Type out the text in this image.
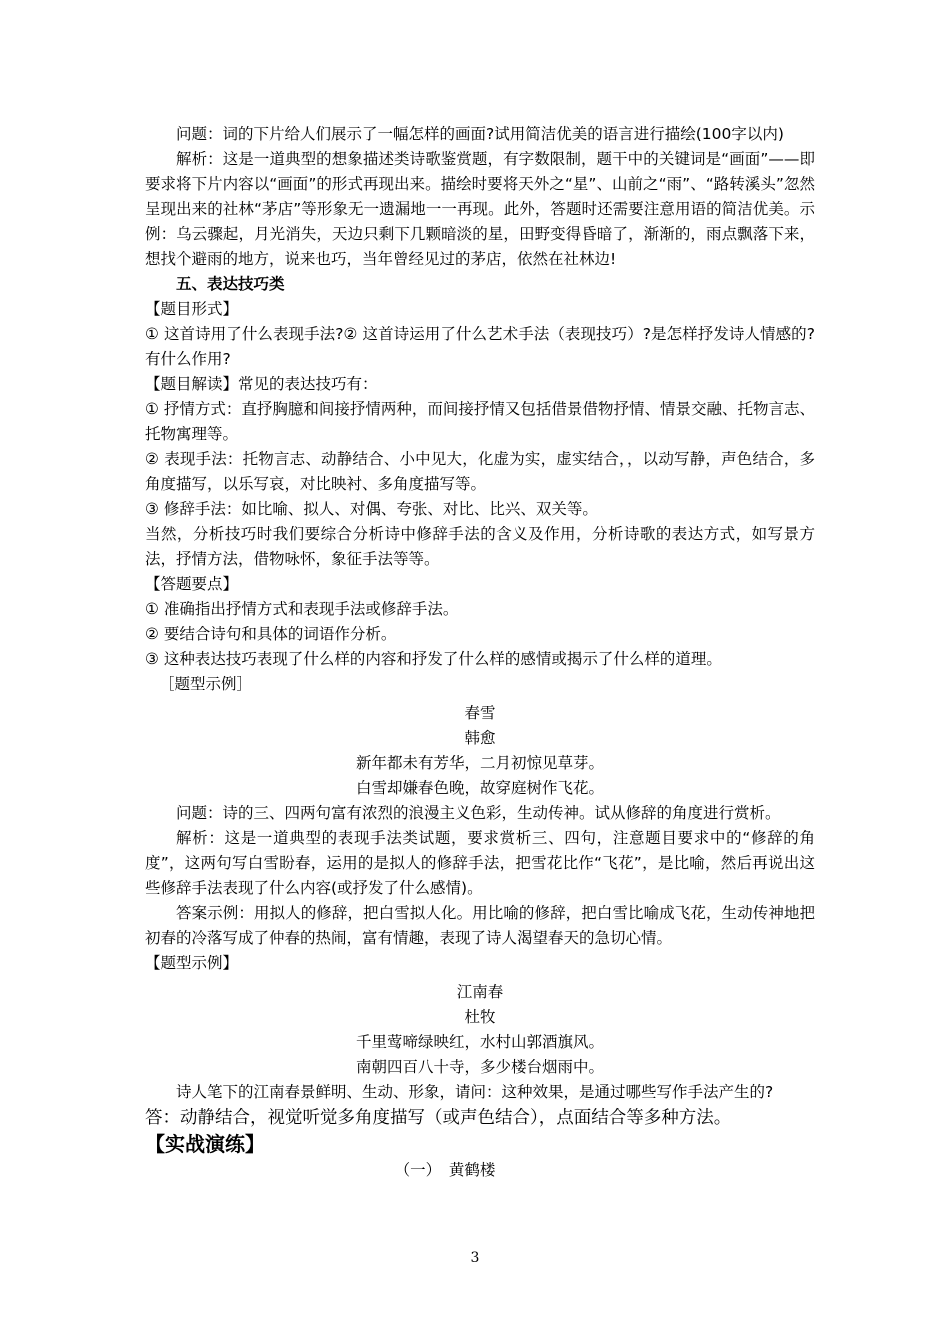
问题：词的下片给人们展示了一幅怎样的画面?试用简洁优美的语言进行描绘(100字以内)

解析：这是一道典型的想象描述类诗歌鉴赏题，有字数限制，题干中的关键词是“画面”——即要求将下片内容以“画面”的形式再现出来。描绘时要将天外之“星”、山前之“雨”、“路转溪头”忽然呈现出来的社林“茅店”等形象无一遗漏地一一再现。此外，答题时还需要注意用语的简洁优美。示例：乌云骤起，月光消失，天边只剩下几颗暗淡的星，田野变得昏暗了，渐渐的，雨点飘落下来，想找个避雨的地方，说来也巧，当年曾经见过的茅店，依然在社林边!

五、表达技巧类

【题目形式】

① 这首诗用了什么表现手法?② 这首诗运用了什么艺术手法（表现技巧）?是怎样抒发诗人情感的?有什么作用?

【题目解读】常见的表达技巧有：

① 抒情方式：直抒胸臆和间接抒情两种，而间接抒情又包括借景借物抒情、情景交融、托物言志、托物寓理等。

② 表现手法：托物言志、动静结合、小中见大，化虚为实，虚实结合，，以动写静，声色结合，多角度描写，以乐写哀，对比映衬、多角度描写等。

③ 修辞手法：如比喻、拟人、对偶、夸张、对比、比兴、双关等。

当然，分析技巧时我们要综合分析诗中修辞手法的含义及作用，分析诗歌的表达方式，如写景方法，抒情方法，借物咏怀，象征手法等等。

【答题要点】

① 准确指出抒情方式和表现手法或修辞手法。

② 要结合诗句和具体的词语作分析。

③ 这种表达技巧表现了什么样的内容和抒发了什么样的感情或揭示了什么样的道理。

［题型示例］

春雪

韩愈

新年都未有芳华，二月初惊见草芽。

白雪却嫌春色晚，故穿庭树作飞花。

问题：诗的三、四两句富有浓烈的浪漫主义色彩，生动传神。试从修辞的角度进行赏析。

解析：这是一道典型的表现手法类试题，要求赏析三、四句，注意题目要求中的“修辞的角度”，这两句写白雪盼春，运用的是拟人的修辞手法，把雪花比作“飞花”，是比喻，然后再说出这些修辞手法表现了什么内容(或抒发了什么感情)。

答案示例：用拟人的修辞，把白雪拟人化。用比喻的修辞，把白雪比喻成飞花，生动传神地把初春的冷落写成了仲春的热闹，富有情趣，表现了诗人渴望春天的急切心情。

【题型示例】

江南春

杜牧

千里莺啼绿映红，水村山郭酒旗风。

南朝四百八十寺，多少楼台烟雨中。

诗人笔下的江南春景鲜明、生动、形象，请问：这种效果，是通过哪些写作手法产生的?

答：动静结合，视觉听觉多角度描写（或声色结合），点面结合等多种方法。

【实战演练】

（一）　黄鹤楼

3
